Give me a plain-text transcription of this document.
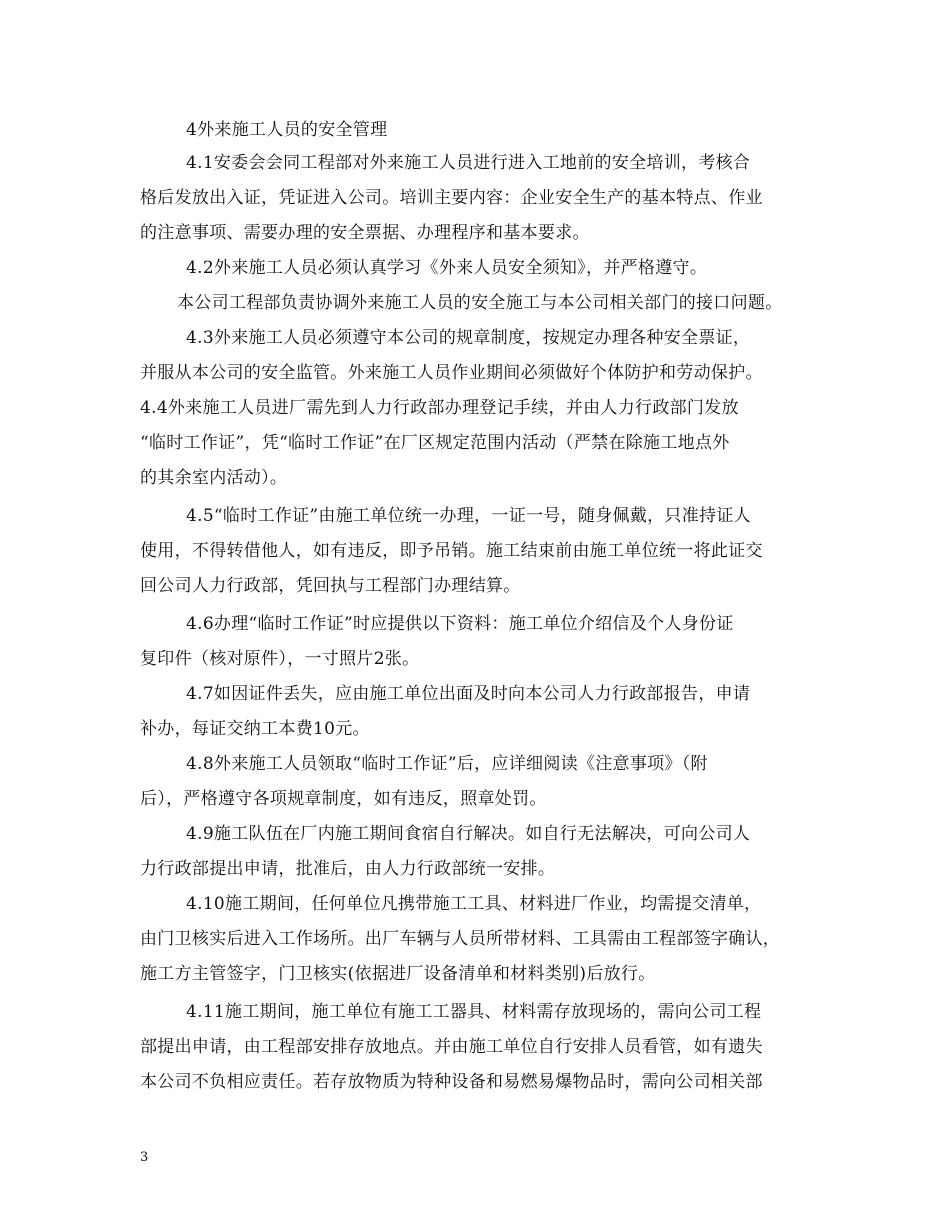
4外来施工人员的安全管理
4.1安委会会同工程部对外来施工人员进行进入工地前的安全培训，考核合
格后发放出入证，凭证进入公司。培训主要内容：企业安全生产的基本特点、作业
的注意事项、需要办理的安全票据、办理程序和基本要求。
4.2外来施工人员必须认真学习《外来人员安全须知》，并严格遵守。
本公司工程部负责协调外来施工人员的安全施工与本公司相关部门的接口问题。
4.3外来施工人员必须遵守本公司的规章制度，按规定办理各种安全票证，
并服从本公司的安全监管。外来施工人员作业期间必须做好个体防护和劳动保护。
4.4外来施工人员进厂需先到人力行政部办理登记手续，并由人力行政部门发放
“临时工作证”，凭“临时工作证”在厂区规定范围内活动（严禁在除施工地点外
的其余室内活动）。
4.5“临时工作证”由施工单位统一办理，一证一号，随身佩戴，只准持证人
使用，不得转借他人，如有违反，即予吊销。施工结束前由施工单位统一将此证交
回公司人力行政部，凭回执与工程部门办理结算。
4.6办理“临时工作证”时应提供以下资料：施工单位介绍信及个人身份证
复印件（核对原件），一寸照片2张。
4.7如因证件丢失，应由施工单位出面及时向本公司人力行政部报告，申请
补办，每证交纳工本费10元。
4.8外来施工人员领取“临时工作证”后，应详细阅读《注意事项》（附
后），严格遵守各项规章制度，如有违反，照章处罚。
4.9施工队伍在厂内施工期间食宿自行解决。如自行无法解决，可向公司人
力行政部提出申请，批准后，由人力行政部统一安排。
4.10施工期间，任何单位凡携带施工工具、材料进厂作业，均需提交清单，
由门卫核实后进入工作场所。出厂车辆与人员所带材料、工具需由工程部签字确认，
施工方主管签字，门卫核实(依据进厂设备清单和材料类别)后放行。
4.11施工期间，施工单位有施工工器具、材料需存放现场的，需向公司工程
部提出申请，由工程部安排存放地点。并由施工单位自行安排人员看管，如有遗失
本公司不负相应责任。若存放物质为特种设备和易燃易爆物品时，需向公司相关部
3
